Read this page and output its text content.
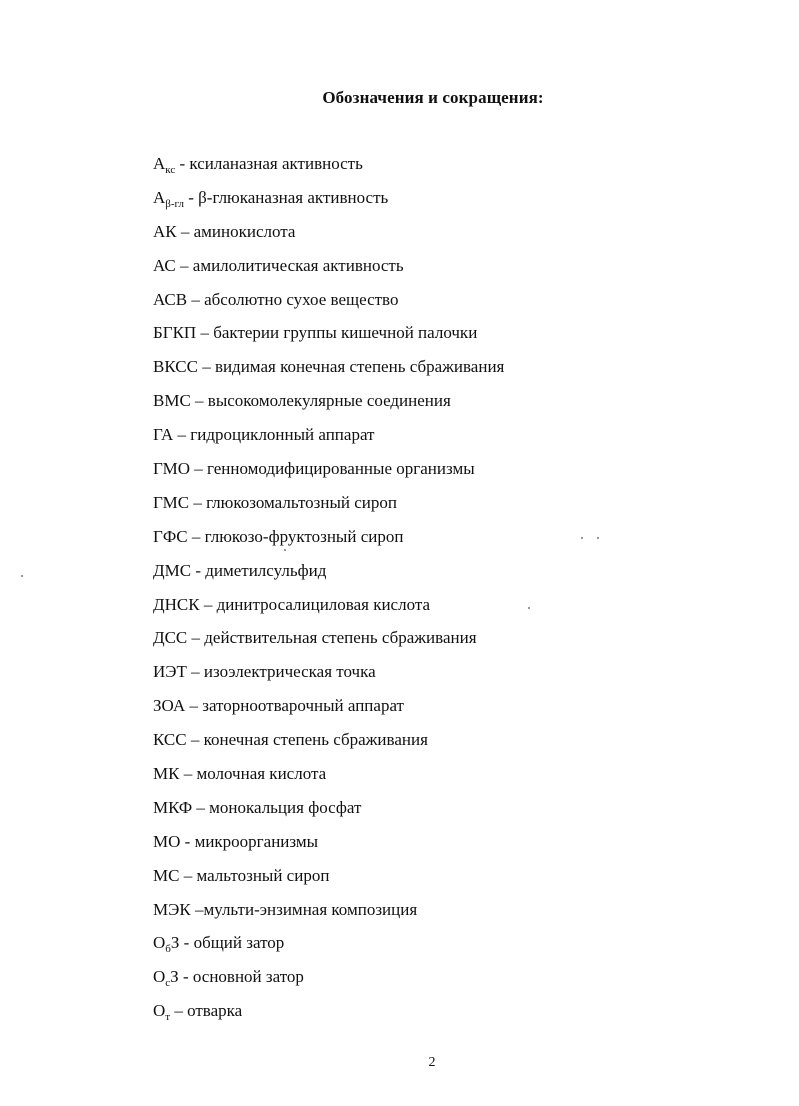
Обозначения и сокращения:
$А_{кс}$ - ксиланазная активность
$А_{\beta-гл}$ - β-глюканазная активность
АК – аминокислота
АС – амилолитическая активность
АСВ – абсолютно сухое вещество
БГКП – бактерии группы кишечной палочки
ВКСС – видимая конечная степень сбраживания
ВМС – высокомолекулярные соединения
ГА – гидроциклонный аппарат
ГМО – генномодифицированные организмы
ГМС – глюкозомальтозный сироп
ГФС – глюкозо-фруктозный сироп
ДМС - диметилсульфид
ДНСК – динитросалициловая кислота
ДСС – действительная степень сбраживания
ИЭТ – изоэлектрическая точка
ЗОА – заторноотварочный аппарат
КСС – конечная степень сбраживания
МК – молочная кислота
МКФ – монокальция фосфат
МО - микроорганизмы
МС – мальтозный сироп
МЭК –мульти-энзимная композиция
$О_бЗ$ - общий затор
$О_сЗ$ - основной затор
$О_т$ – отварка
2
